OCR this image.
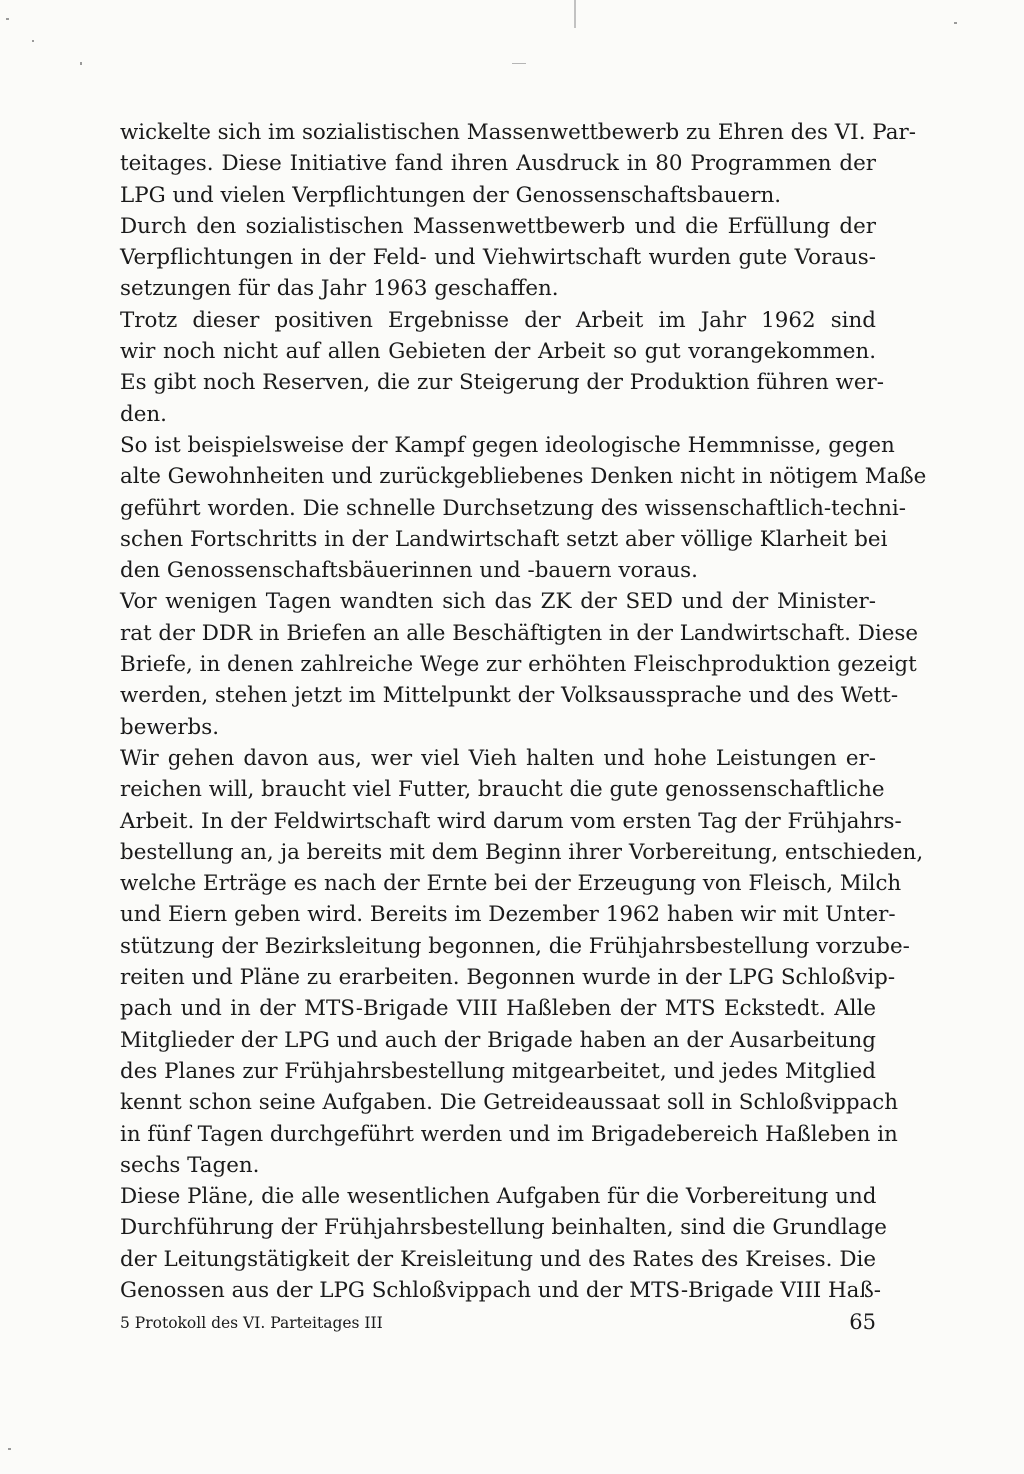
wickelte sich im sozialistischen Massenwettbewerb zu Ehren des VI. Par-
teitages. Diese Initiative fand ihren Ausdruck in 80 Programmen der
LPG und vielen Verpflichtungen der Genossenschaftsbauern.
Durch den sozialistischen Massenwettbewerb und die Erfüllung der
Verpflichtungen in der Feld- und Viehwirtschaft wurden gute Voraus-
setzungen für das Jahr 1963 geschaffen.
Trotz dieser positiven Ergebnisse der Arbeit im Jahr 1962 sind
wir noch nicht auf allen Gebieten der Arbeit so gut vorangekommen.
Es gibt noch Reserven, die zur Steigerung der Produktion führen wer-
den.
So ist beispielsweise der Kampf gegen ideologische Hemmnisse, gegen
alte Gewohnheiten und zurückgebliebenes Denken nicht in nötigem Maße
geführt worden. Die schnelle Durchsetzung des wissenschaftlich-techni-
schen Fortschritts in der Landwirtschaft setzt aber völlige Klarheit bei
den Genossenschaftsbäuerinnen und -bauern voraus.
Vor wenigen Tagen wandten sich das ZK der SED und der Minister-
rat der DDR in Briefen an alle Beschäftigten in der Landwirtschaft. Diese
Briefe, in denen zahlreiche Wege zur erhöhten Fleischproduktion gezeigt
werden, stehen jetzt im Mittelpunkt der Volksaussprache und des Wett-
bewerbs.
Wir gehen davon aus, wer viel Vieh halten und hohe Leistungen er-
reichen will, braucht viel Futter, braucht die gute genossenschaftliche
Arbeit. In der Feldwirtschaft wird darum vom ersten Tag der Frühjahrs-
bestellung an, ja bereits mit dem Beginn ihrer Vorbereitung, entschieden,
welche Erträge es nach der Ernte bei der Erzeugung von Fleisch, Milch
und Eiern geben wird. Bereits im Dezember 1962 haben wir mit Unter-
stützung der Bezirksleitung begonnen, die Frühjahrsbestellung vorzube-
reiten und Pläne zu erarbeiten. Begonnen wurde in der LPG Schloßvip-
pach und in der MTS-Brigade VIII Haßleben der MTS Eckstedt. Alle
Mitglieder der LPG und auch der Brigade haben an der Ausarbeitung
des Planes zur Frühjahrsbestellung mitgearbeitet, und jedes Mitglied
kennt schon seine Aufgaben. Die Getreideaussaat soll in Schloßvippach
in fünf Tagen durchgeführt werden und im Brigadebereich Haßleben in
sechs Tagen.
Diese Pläne, die alle wesentlichen Aufgaben für die Vorbereitung und
Durchführung der Frühjahrsbestellung beinhalten, sind die Grundlage
der Leitungstätigkeit der Kreisleitung und des Rates des Kreises. Die
Genossen aus der LPG Schloßvippach und der MTS-Brigade VIII Haß-
5 Protokoll des VI. Parteitages III	65
